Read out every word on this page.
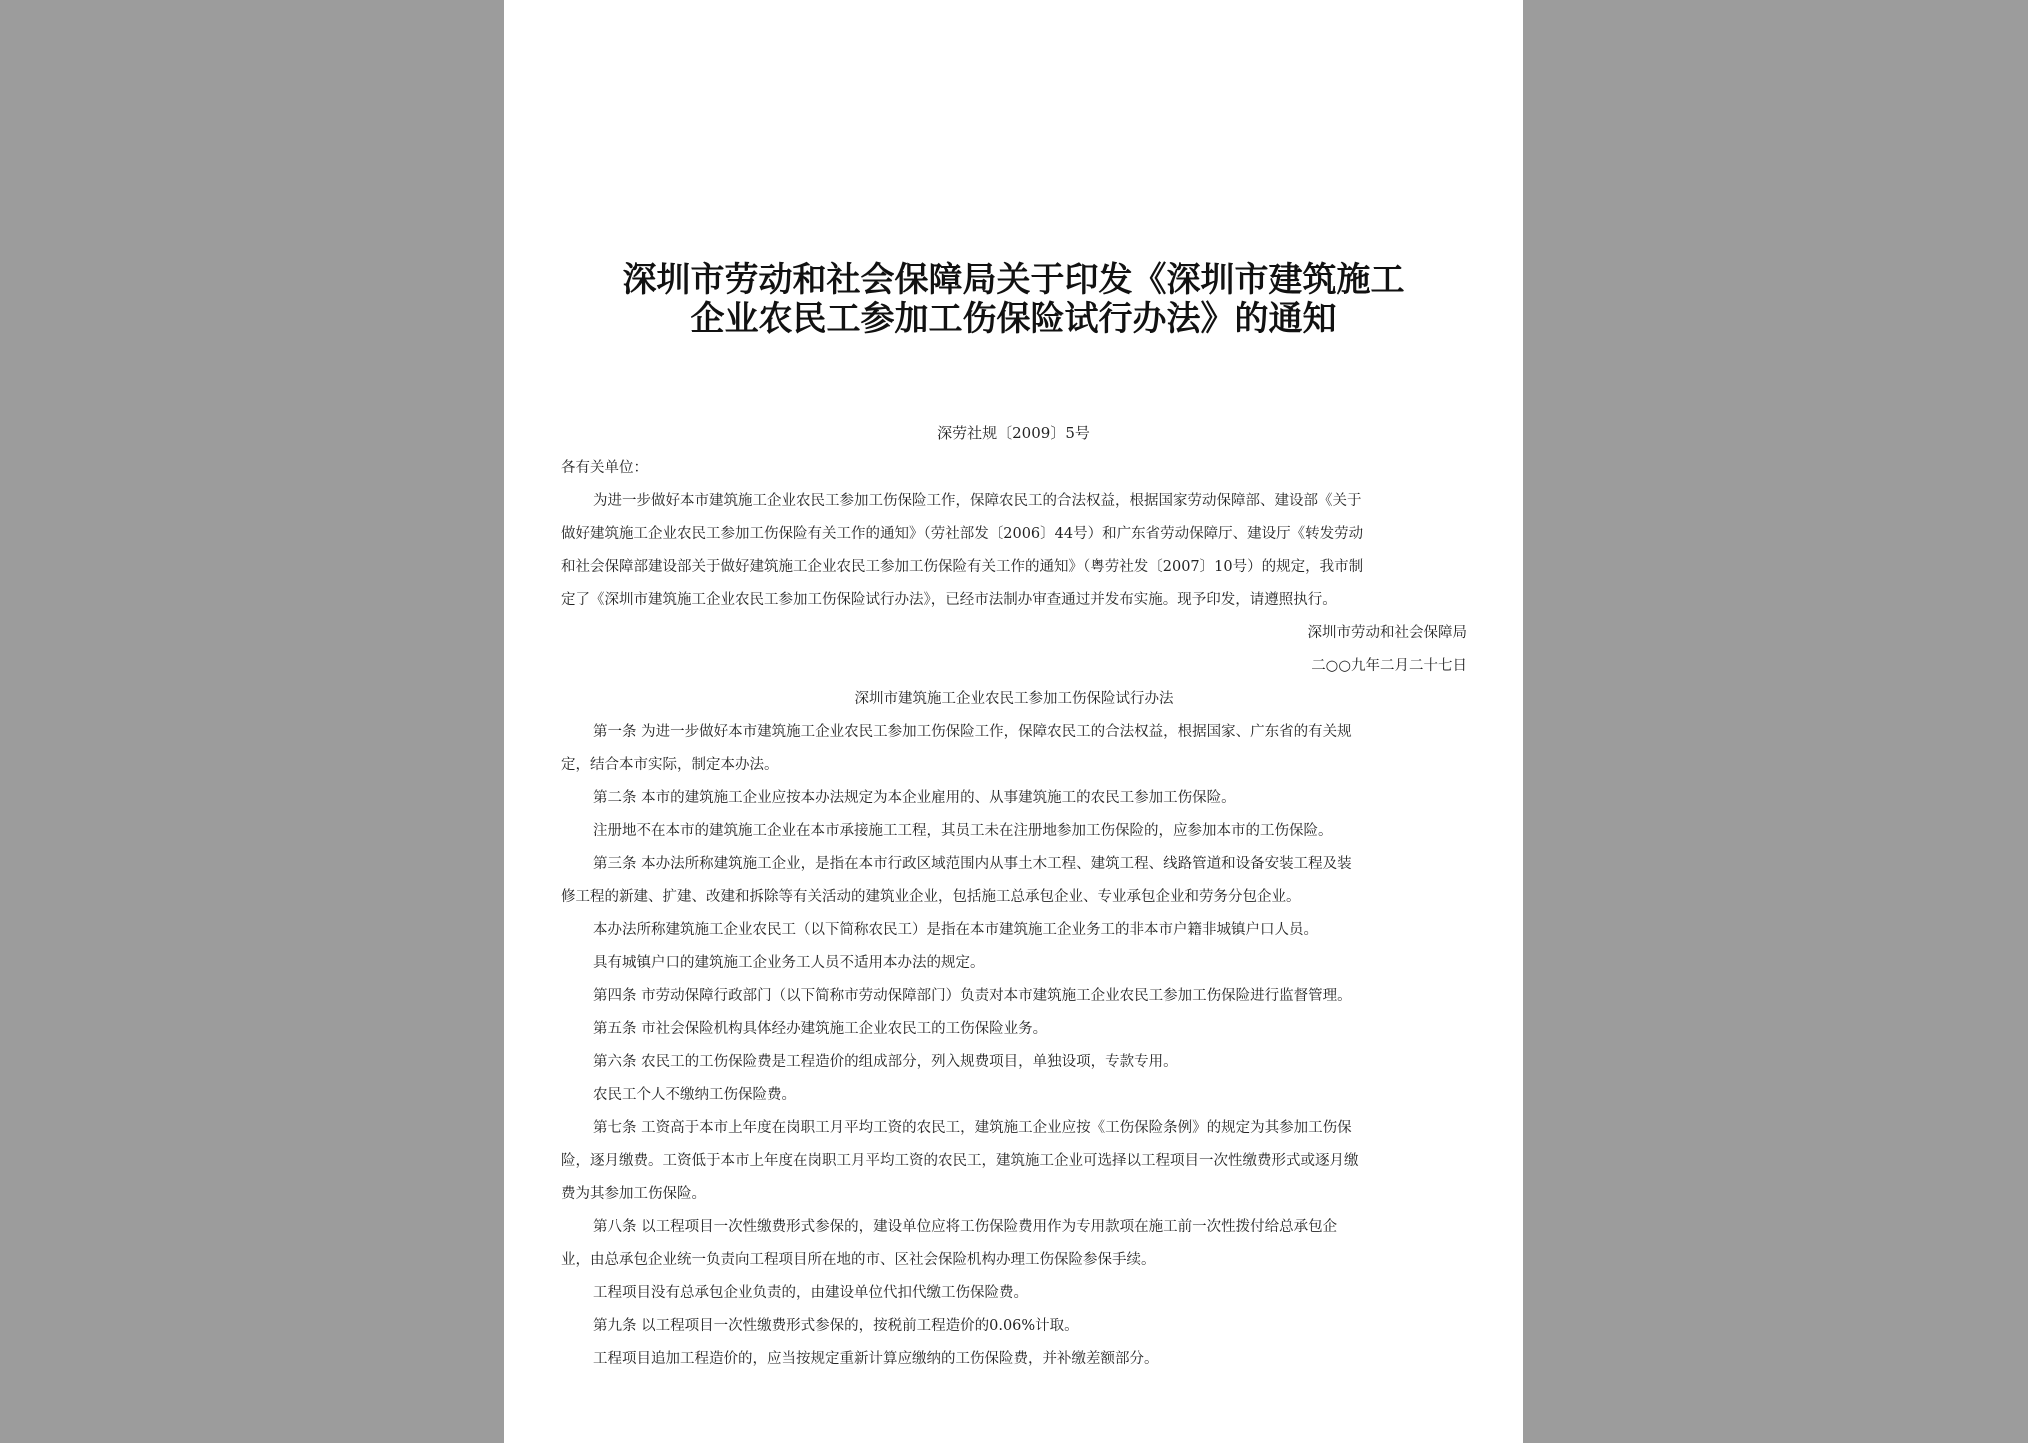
深圳市劳动和社会保障局关于印发《深圳市建筑施工
企业农民工参加工伤保险试行办法》的通知
深劳社规〔2009〕5号

各有关单位：

为进一步做好本市建筑施工企业农民工参加工伤保险工作，保障农民工的合法权益，根据国家劳动保障部、建设部《关于

做好建筑施工企业农民工参加工伤保险有关工作的通知》（劳社部发〔2006〕44号）和广东省劳动保障厅、建设厅《转发劳动

和社会保障部建设部关于做好建筑施工企业农民工参加工伤保险有关工作的通知》（粤劳社发〔2007〕10号）的规定，我市制

定了《深圳市建筑施工企业农民工参加工伤保险试行办法》，已经市法制办审查通过并发布实施。现予印发，请遵照执行。

深圳市劳动和社会保障局

二○○九年二月二十七日

深圳市建筑施工企业农民工参加工伤保险试行办法

第一条 为进一步做好本市建筑施工企业农民工参加工伤保险工作，保障农民工的合法权益，根据国家、广东省的有关规

定，结合本市实际，制定本办法。

第二条 本市的建筑施工企业应按本办法规定为本企业雇用的、从事建筑施工的农民工参加工伤保险。

注册地不在本市的建筑施工企业在本市承接施工工程，其员工未在注册地参加工伤保险的，应参加本市的工伤保险。

第三条 本办法所称建筑施工企业，是指在本市行政区域范围内从事土木工程、建筑工程、线路管道和设备安装工程及装

修工程的新建、扩建、改建和拆除等有关活动的建筑业企业，包括施工总承包企业、专业承包企业和劳务分包企业。

本办法所称建筑施工企业农民工（以下简称农民工）是指在本市建筑施工企业务工的非本市户籍非城镇户口人员。

具有城镇户口的建筑施工企业务工人员不适用本办法的规定。

第四条 市劳动保障行政部门（以下简称市劳动保障部门）负责对本市建筑施工企业农民工参加工伤保险进行监督管理。

第五条 市社会保险机构具体经办建筑施工企业农民工的工伤保险业务。

第六条 农民工的工伤保险费是工程造价的组成部分，列入规费项目，单独设项，专款专用。

农民工个人不缴纳工伤保险费。

第七条 工资高于本市上年度在岗职工月平均工资的农民工，建筑施工企业应按《工伤保险条例》的规定为其参加工伤保

险，逐月缴费。工资低于本市上年度在岗职工月平均工资的农民工，建筑施工企业可选择以工程项目一次性缴费形式或逐月缴

费为其参加工伤保险。

第八条 以工程项目一次性缴费形式参保的，建设单位应将工伤保险费用作为专用款项在施工前一次性拨付给总承包企

业，由总承包企业统一负责向工程项目所在地的市、区社会保险机构办理工伤保险参保手续。

工程项目没有总承包企业负责的，由建设单位代扣代缴工伤保险费。

第九条 以工程项目一次性缴费形式参保的，按税前工程造价的0.06%计取。

工程项目追加工程造价的，应当按规定重新计算应缴纳的工伤保险费，并补缴差额部分。
